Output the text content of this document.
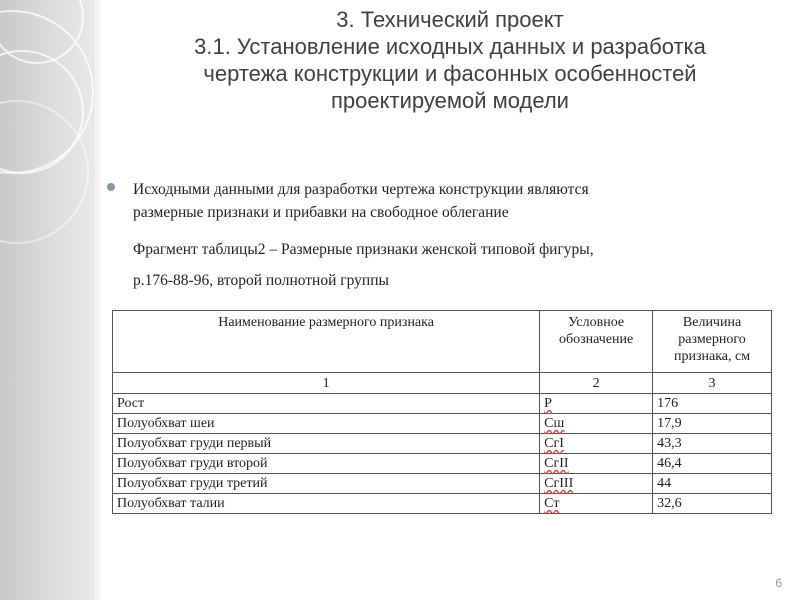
3. Технический проект
3.1. Установление исходных данных и разработка
чертежа конструкции и фасонных особенностей
проектируемой модели
Исходными данными для разработки чертежа конструкции являются
размерные признаки и прибавки на свободное облегание
Фрагмент таблицы2 – Размерные признаки женской типовой фигуры,
р.176-88-96, второй полнотной группы
Наименование размерного признака	Условное обозначение	Величина размерного признака, см
1	2	3
Рост	Р	176
Полуобхват шеи	Сш	17,9
Полуобхват груди первый	СгI	43,3
Полуобхват груди второй	СгII	46,4
Полуобхват груди третий	СгIII	44
Полуобхват талии	Ст	32,6
6
